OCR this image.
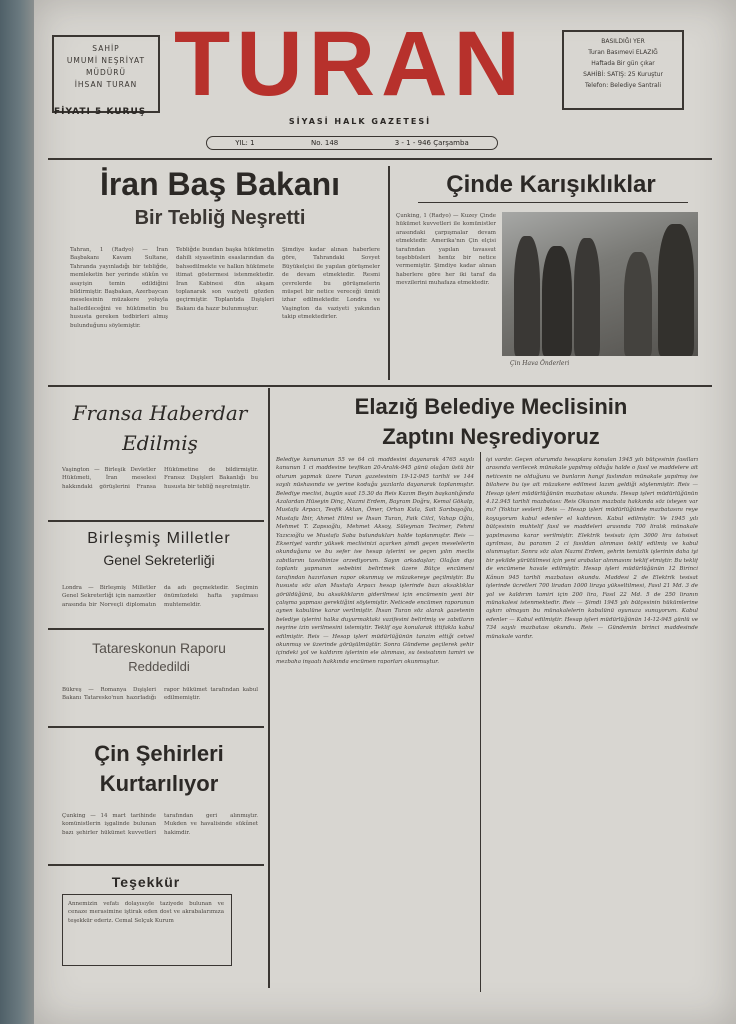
SAHİP
UMUMİ NEŞRİYAT
MÜDÜRÜ
İHSAN TURAN TURAN	BASILDIĞI YER
Turan Basımevi ELAZIĞ
Haftada Bir gün çıkar
SAHİBİ: SATIŞ: 25 Kuruştur
Telefon: Belediye Santrali
FİYATI 5 KURUŞ
SİYASİ HALK GAZETESİ
YIL: 1	No. 148	3 - 1 - 946 Çarşamba
İran Baş Bakanı
Bir Tebliğ Neşretti
Tahran, 1 (Radyo) — İran Başbakanı Kavam Sultane, Tahranda yayınladığı bir tebliğde, memleketin her yerinde sükûn ve asayişin temin edildiğini bildirmiştir. Başbakan, Azerbaycan meselesinin müzakere yoluyla halledileceğini ve hükümetin bu hususta gereken tedbirleri almış bulunduğunu söylemiştir.
Tebliğde bundan başka hükümetin dahili siyasetinin esaslarından da bahsedilmekte ve halkın hükümete itimat göstermesi istenmektedir. İran Kabinesi dün akşam toplanarak son vaziyeti gözden geçirmiştir. Toplantıda Dışişleri Bakanı da hazır bulunmuştur.
Şimdiye kadar alınan haberlere göre, Tahrandaki Sovyet Büyükelçisi ile yapılan görüşmeler de devam etmektedir. Resmi çevrelerde bu görüşmelerin müspet bir netice vereceği ümidi izhar edilmektedir. Londra ve Vaşington da vaziyeti yakından takip etmektedirler.
Çinde Karışıklıklar
Çunking, 1 (Radyo) — Kuzey Çinde hükümet kuvvetleri ile komünistler arasındaki çarpışmalar devam etmektedir. Amerika'nın Çin elçisi tarafından yapılan tavassut teşebbüsleri henüz bir netice vermemiştir. Şimdiye kadar alınan haberlere göre her iki taraf da mevzilerini muhafaza etmektedir.
Çin Hava Önderleri
Fransa Haberdar Edilmiş
Vaşington — Birleşik Devletler Hükümeti, İran meselesi hakkındaki görüşlerini Fransa Hükümetine de bildirmiştir. Fransız Dışişleri Bakanlığı bu hususta bir tebliğ neşretmiştir.
Birleşmiş Milletler
Genel Sekreterliği
Londra — Birleşmiş Milletler Genel Sekreterliği için namzetler arasında bir Norveçli diplomatın da adı geçmektedir. Seçimin önümüzdeki hafta yapılması muhtemeldir.
Tatareskonun Raporu
Reddedildi
Bükreş — Romanya Dışişleri Bakanı Tataresko'nun hazırladığı rapor hükümet tarafından kabul edilmemiştir.
Çin Şehirleri
Kurtarılıyor
Çunking — 14 mart tarihinde komünistlerin işgalinde bulunan bazı şehirler hükümet kuvvetleri tarafından geri alınmıştır. Mukden ve havalisinde sükûnet hakimdir.
Teşekkür
Annemizin vefatı dolayısıyle taziyede bulunan ve cenaze merasimine iştirak eden dost ve akrabalarımıza teşekkür ederiz. Cemal Selçuk Kurum
Elazığ Belediye Meclisinin
Zaptını Neşrediyoruz
Belediye kanununun 55 ve 64 cü maddesini dayanarak 4765 sayılı kanunun 1 ci maddesine tevfikan 20-Aralık-945 günü olağan üstü bir oturum yapmak üzere Turan gazetesinin 19-12-945 tarihli ve 144 sayılı nüshasında ve yerine koduğu yazılarla dayanarak toplanmıştır. Belediye meclisi, bugün saat 15.30 da Reis Kazım Beyin başkanlığında Azalardan Hüseyin Dinç, Nazmi Erdem, Bayram Doğru, Kemal Gökalp, Mustafa Arpacı, Teofik Aktan, Ömer, Orhan Kula, Sait Sarıbaşoğlu, Mustafa İbir, Ahmet Hilmi ve İhsan Turan, Faik Cilcl, Vahap Oğlu, Mehmet T. Zapsıoğlu, Mehmet Aksoy, Süleyman Tecimer, Fehmi Yazıcıoğlu ve Mustafa Saba bulundukları halde toplanmıştır. Reis — Ekseriyet vardır yüksek meclisinizi açarken şimdi geçen meselelerin okunduğunu ve bu sefer ise hesap işlerini ve geçen yılın meclis zabıtlarını tasvibinize arzediyorum. Sayın arkadaşlar; Olağan dışı toplantı yapmanın sebebini belirtmek üzere Bütçe encümeni tarafından hazırlanan rapor okunmuş ve müzakereye geçilmiştir. Bu hususta söz alan Mustafa Arpacı hesap işlerinde bazı aksaklıklar görüldüğünü, bu aksaklıkların giderilmesi için encümenin yeni bir çalışma yapması gerektiğini söylemiştir. Neticede encümen raporunun aynen kabulüne karar verilmiştir. İhsan Turan söz alarak gazetenin belediye işlerini halka duyurmaktaki vazifesini belirtmiş ve zabıtların neşrine izin verilmesini istemiştir. Teklif oya konularak ittifakla kabul edilmiştir. Reis — Hesap işleri müdürlüğünün tanzim ettiği cetvel okunmuş ve üzerinde görüşülmüştür. Sonra Gündeme geçilerek şehir içindeki yol ve kaldırım işlerinin ele alınması, su tesisatının tamiri ve mezbaha inşaatı hakkında encümen raporları okunmuştur.
işi vardır. Geçen oturumda hesaplara konulan 1945 yılı bütçesinin fasılları arasında verilecek münakale yapılmış olduğu halde o fasıl ve maddelere ait neticenin ne olduğunu ve bunların hangi faslından münakale yapılmış ise bilahere bu işe ait müzakere edilmesi lazım geldiği söylenmiştir. Reis — Hesap işleri müdürlüğünün mazbatası okundu. Hesap işleri müdürlüğünün 4.12.945 tarihli mazbatası: Reis Okunan mazbata hakkında söz isteyen var mı? (Yoktur sesleri) Reis — Hesap işleri müdürlüğünde mazbatasını reye koyuyorum kabul edenler el kaldırsın. Kabul edilmiştir. Ve 1945 yılı bütçesinin muhtelif fasıl ve maddeleri arasında 700 liralık münakale yapılmasına karar verilmiştir. Elektrik tesisatı için 3000 lira tahsisat ayrılması, bu paranın 2 ci fasıldan alınması teklif edilmiş ve kabul olunmuştur. Sonra söz alan Nazmi Erdem, şehrin temizlik işlerinin daha iyi bir şekilde yürütülmesi için yeni arabalar alınmasını teklif etmiştir. Bu teklif de encümene havale edilmiştir. Hesap işleri müdürlüğünün 12 Birinci Kânun 945 tarihli mazbatası okundu. Maddesi 2 de Elektrik tesisat işlerinde ücretleri 700 liradan 1000 liraya yükseltilmesi, Fasıl 21 Md. 3 de yol ve kaldırım tamiri için 200 lira, Fasıl 22 Md. 5 de 250 liranın münakalesi istenmektedir. Reis — Şimdi 1945 yılı bütçesinin hükümlerine aykırı olmayan bu münakalelerin kabulünü oyunuza sunuyorum. Kabul edenler — Kabul edilmiştir. Hesap işleri müdürlüğünün 14-12-945 günlü ve 734 sayılı mazbatası okundu. Reis — Gündemin birinci maddesinde münakale vardır.
